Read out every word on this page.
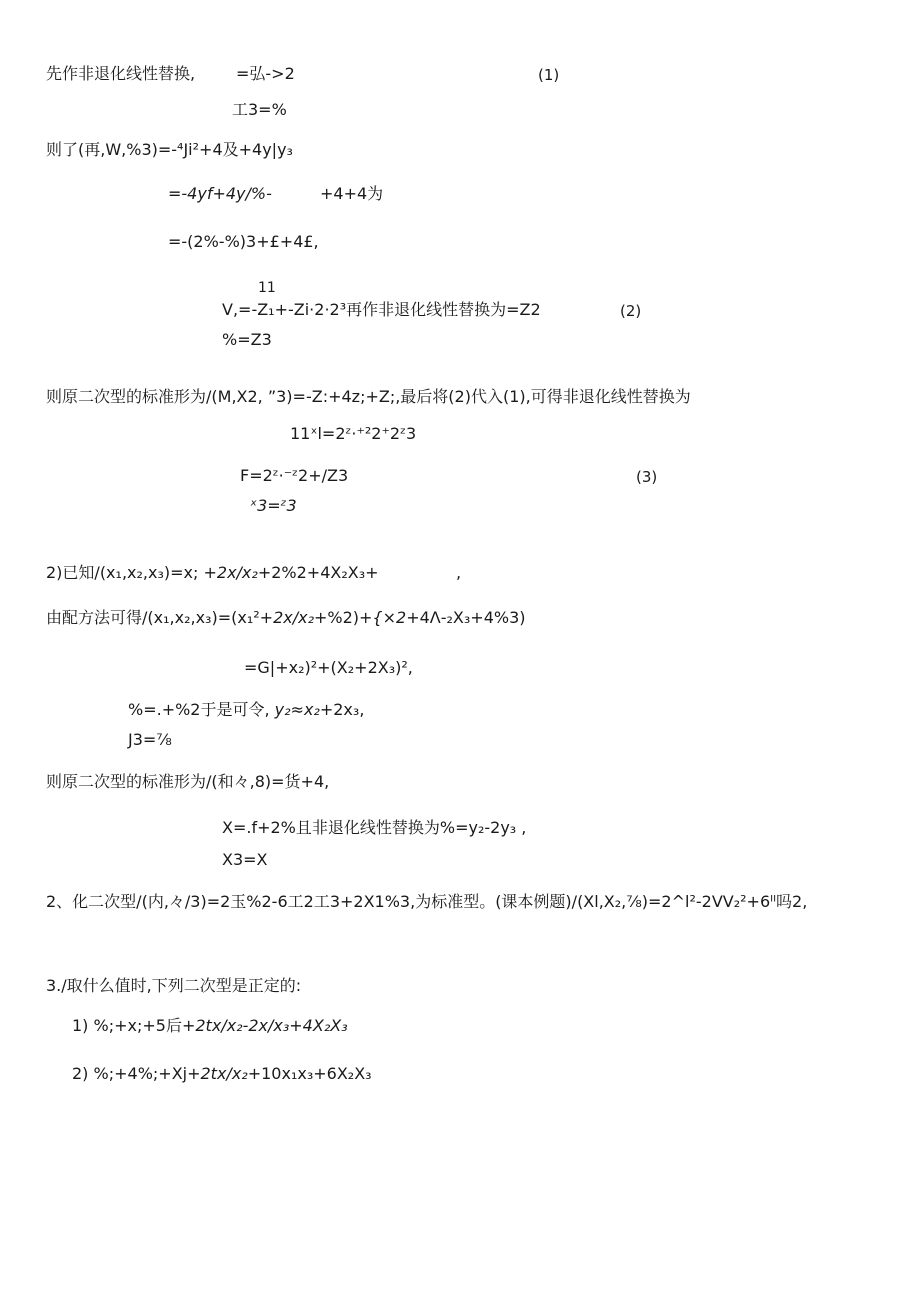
先作非退化线性替换,	=弘->2	(1)
工3=%
则了(再,W,%3)=-⁴Ji²+4及+4y|y₃
=-4yf+4y/%-	+4+4为
=-(2%-%)3+£+4£,
11
V,=-Z₁+-Zi·2·2³再作非退化线性替换为=Z2	(2)
%=Z3
则原二次型的标准形为/(M,X2, ”3)=-Z:+4z;+Z;,最后将(2)代入(1),可得非退化线性替换为
11ˣl=2ᶻ·⁺²2⁺2ᶻ3
F=2ᶻ·⁻ᶻ2+/Z3	(3)
ˣ3=ᶻ3
2)已知/(x₁,x₂,x₃)=x; +2x/x₂+2%2+4X₂X₃+	,
由配方法可得/(x₁,x₂,x₃)=(x₁²+2x/x₂+%2)+{×2+4Λ-₂X₃+4%3)
=G|+x₂)²+(X₂+2X₃)²,
%=.+%2于是可令, y₂≈x₂+2x₃,
J3=⅞
则原二次型的标准形为/(和々,8)=货+4,
X=.f+2%且非退化线性替换为%=y₂-2y₃ ,
X3=X
2、化二次型/(内,々/3)=2玉%2-6工2工3+2X1%3,为标准型。(课本例题)/(Xl,X₂,⅞)=2^l²-2VV₂²+6ᴵᴵ吗2,
3./取什么值时,下列二次型是正定的:
1) %;+x;+5后+2tx/x₂-2x/x₃+4X₂X₃
2) %;+4%;+Xj+2tx/x₂+10x₁x₃+6X₂X₃
